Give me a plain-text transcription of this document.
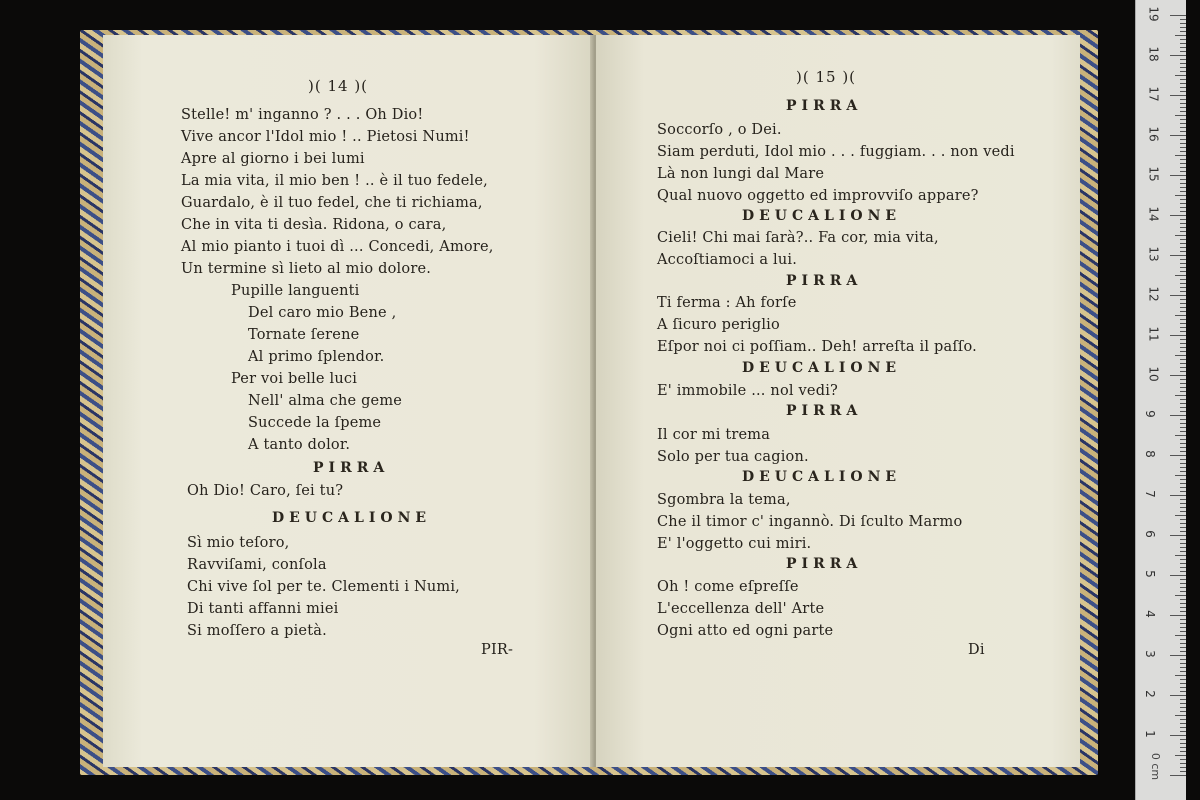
)( 14 )(
Stelle! m' inganno ? . . . Oh Dio!
Vive ancor l'Idol mio ! .. Pietosi Numi!
Apre al giorno i bei lumi
La mia vita, il mio ben ! .. è il tuo fedele,
Guardalo, è il tuo fedel, che ti richiama,
Che in vita ti desìa. Ridona, o cara,
Al mio pianto i tuoi dì ... Concedi, Amore,
Un termine sì lieto al mio dolore.
Pupille languenti
Del caro mio Bene ,
Tornate ſerene
Al primo ſplendor.
Per voi belle luci
Nell' alma che geme
Succede la ſpeme
A tanto dolor.
PIRRA
Oh Dio! Caro, ſei tu?
DEUCALIONE
Sì mio teſoro,
Ravviſami, conſola
Chi vive ſol per te. Clementi i Numi,
Di tanti affanni miei
Si moſſero a pietà.
PIR-
)( 15 )(
PIRRA
Soccorſo , o Dei.
Siam perduti, Idol mio . . . fuggiam. . . non vedi
Là non lungi dal Mare
Qual nuovo oggetto ed improvviſo appare?
DEUCALIONE
Cieli! Chi mai ſarà?.. Fa cor, mia vita,
Accoſtiamoci a lui.
PIRRA
Ti ferma : Ah forſe
A ſicuro periglio
Eſpor noi ci poſſiam.. Deh! arreſta il paſſo.
DEUCALIONE
E' immobile ... nol vedi?
PIRRA
Il cor mi trema
Solo per tua cagion.
DEUCALIONE
Sgombra la tema,
Che il timor c' ingannò. Di ſculto Marmo
E' l'oggetto cui miri.
PIRRA
Oh ! come eſpreſſe
L'eccellenza dell' Arte
Ogni atto ed ogni parte
Di
0 cm
1
2
3
4
5
6
7
8
9
10
11
12
13
14
15
16
17
18
19
